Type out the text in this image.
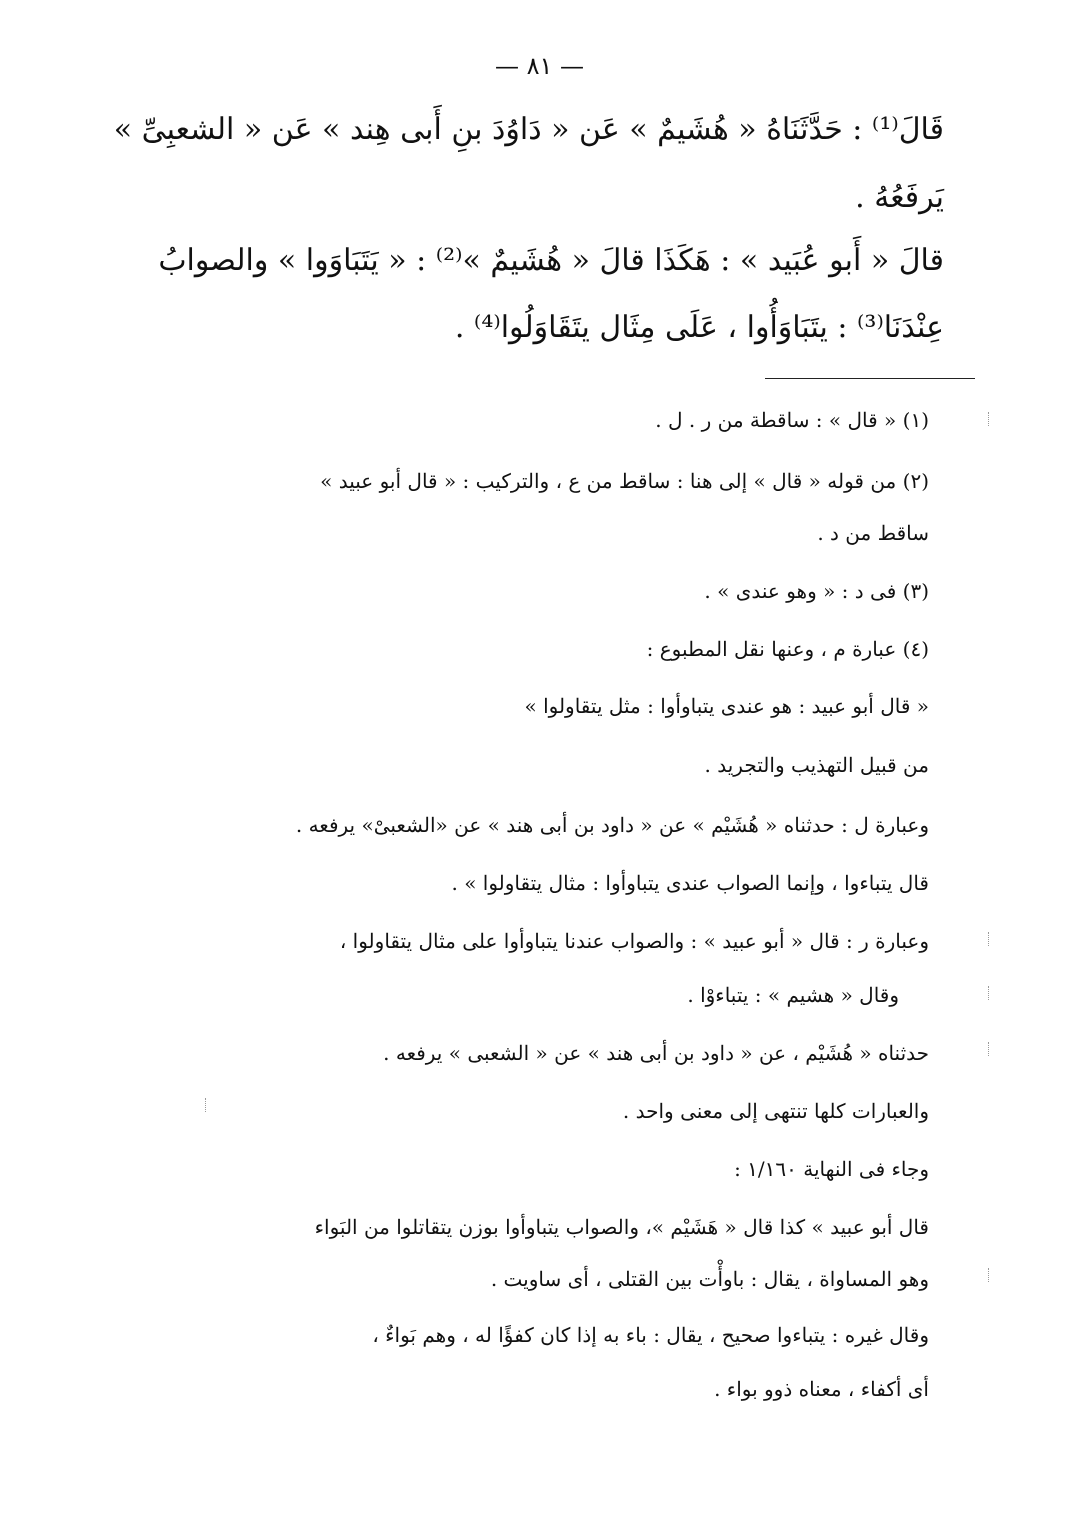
— ٨١ —
قَالَ⁽¹⁾ : حَدَّثَنَاهُ « هُشَيمٌ » عَن « دَاوُدَ بنِ أَبى هِند » عَن « الشعبِىِّ »
يَرفَعُهُ .
قالَ « أَبو عُبَيد » : هَكَذَا قالَ « هُشَيمٌ »⁽²⁾ : « يَتَبَاوَوا » والصوابُ
عِنْدَنَا⁽³⁾ : يتَبَاوَأُوا ، عَلَى مِثَال يتَقَاوَلُوا⁽⁴⁾ .
(١) « قال » : ساقطة من ر . ل .
(٢) من قوله « قال » إلى هنا : ساقط من ع ، والتركيب : « قال أبو عبيد »
ساقط من د .
(٣) فى د : « وهو عندى » .
(٤) عبارة م ، وعنها نقل المطبوع :
« قال أبو عبيد : هو عندى يتباوأوا : مثل يتقاولوا »
من قبيل التهذيب والتجريد .
وعبارة ل : حدثناه « هُشَيْم » عن « داود بن أبى هند » عن «الشعبىْ» يرفعه .
قال يتباءوا ، وإنما الصواب عندى يتباوأوا : مثال يتقاولوا » .
وعبارة ر : قال « أبو عبيد » : والصواب عندنا يتباوأوا على مثال يتقاولوا ،
وقال « هشيم » : يتباءوْا .
حدثناه « هُشَيْم ، عن « داود بن أبى هند » عن « الشعبى » يرفعه .
والعبارات كلها تنتهى إلى معنى واحد .
وجاء فى النهاية ١/١٦٠ :
قال أبو عبيد » كذا قال « هَشَيْم »، والصواب يتباوأوا بوزن يتقاتلوا من البَواء
وهو المساواة ، يقال : باوأْت بين القتلى ، أى ساويت .
وقال غيره : يتباءوا صحيح ، يقال : باء به إذا كان كفؤًا له ، وهم بَواءٌ ،
أى أكفاء ، معناه ذوو بواء .
